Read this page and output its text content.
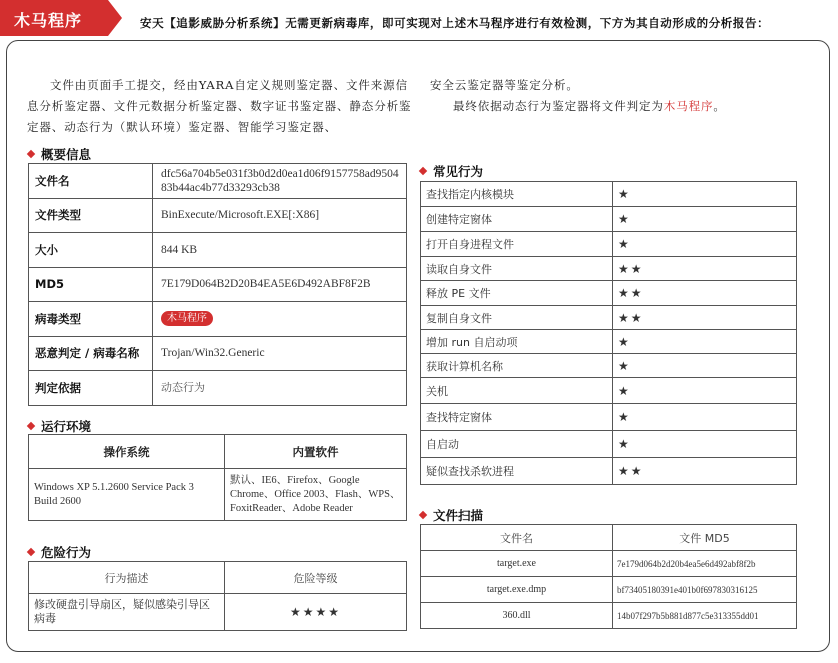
木马程序	安天【追影威胁分析系统】无需更新病毒库，即可实现对上述木马程序进行有效检测，下方为其自动形成的分析报告：
文件由页面手工提交，经由YARA自定义规则鉴定器、文件来源信息分析鉴定器、文件元数据分析鉴定器、数字证书鉴定器、静态分析鉴定器、动态行为（默认环境）鉴定器、智能学习鉴定器、
安全云鉴定器等鉴定分析。
最终依据动态行为鉴定器将文件判定为木马程序。
概要信息
文件名	dfc56a704b5e031f3b0d2d0ea1d06f9157758ad950483b44ac4b77d33293cb38
文件类型	BinExecute/Microsoft.EXE[:X86]
大小	844 KB
MD5	7E179D064B2D20B4EA5E6D492ABF8F2B
病毒类型	木马程序
恶意判定 / 病毒名称	Trojan/Win32.Generic
判定依据	动态行为
运行环境
操作系统	内置软件
Windows XP 5.1.2600 Service Pack 3 Build 2600	默认、IE6、Firefox、Google Chrome、Office 2003、Flash、WPS、FoxitReader、Adobe Reader
危险行为
行为描述	危险等级
修改硬盘引导扇区，疑似感染引导区病毒	★★★★
常见行为
查找指定内核模块	★
创建特定窗体	★
打开自身进程文件	★
读取自身文件	★★
释放 PE 文件	★★
复制自身文件	★★
增加 run 自启动项	★
获取计算机名称	★
关机	★
查找特定窗体	★
自启动	★
疑似查找杀软进程	★★
文件扫描
文件名	文件 MD5
target.exe	7e179d064b2d20b4ea5e6d492abf8f2b
target.exe.dmp	bf73405180391e401b0f697830316125
360.dll	14b07f297b5b881d877c5e313355dd01
